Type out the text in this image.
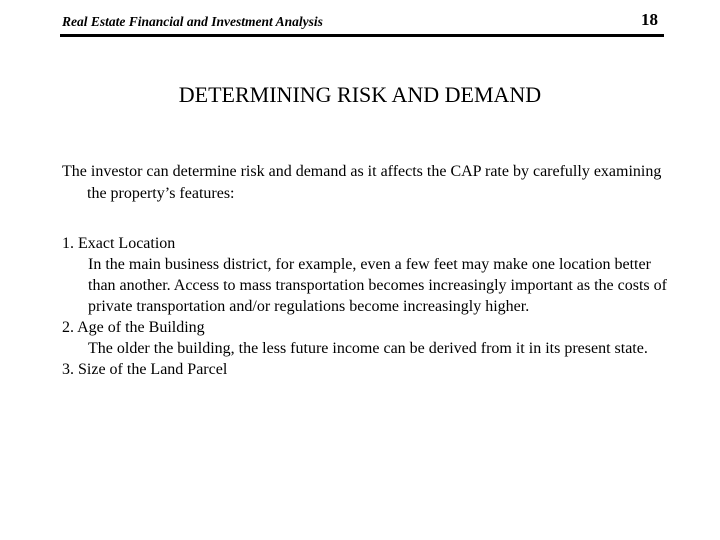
Real Estate Financial and Investment Analysis	18
DETERMINING RISK AND DEMAND
The investor can determine risk and demand as it affects the CAP rate by carefully examining the property’s features:

1. Exact Location

In the main business district, for example, even a few feet may make one location better than another. Access to mass transportation becomes increasingly important as the costs of private transportation and/or regulations become increasingly higher.

2. Age of the Building

The older the building, the less future income can be derived from it in its present state.

3. Size of the Land Parcel
